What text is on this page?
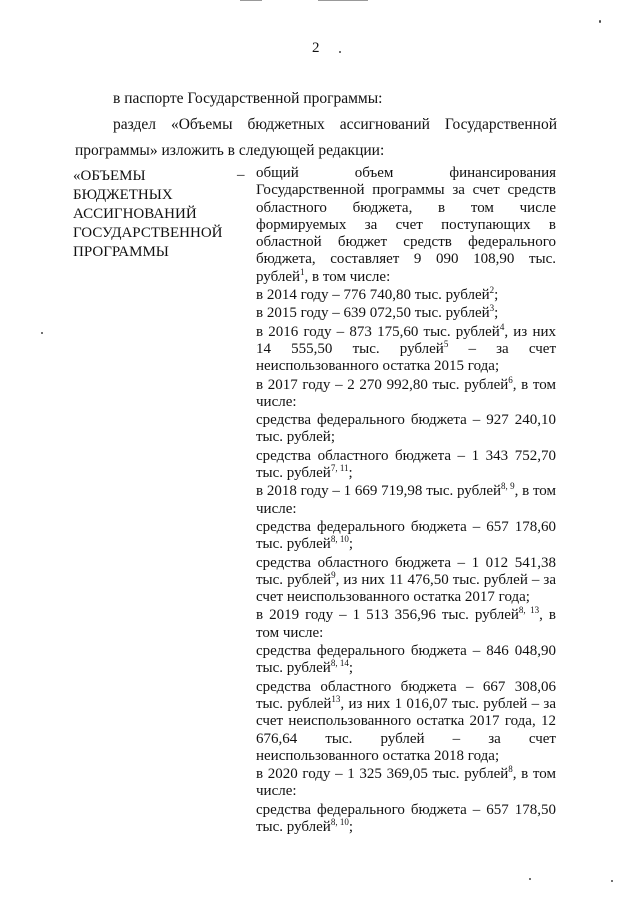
2
в паспорте Государственной программы:
раздел «Объемы бюджетных ассигнований Государственной
программы» изложить в следующей редакции:
«ОБЪЕМЫ БЮДЖЕТНЫХ АССИГНОВАНИЙ ГОСУДАРСТВЕННОЙ ПРОГРАММЫ
– общий объем финансирования Государственной программы за счет средств областного бюджета, в том числе формируемых за счет поступающих в областной бюджет средств федерального бюджета, составляет 9 090 108,90 тыс. рублей$^1$, в том числе:

в 2014 году – 776 740,80 тыс. рублей$^2$;

в 2015 году – 639 072,50 тыс. рублей$^3$;

в 2016 году – 873 175,60 тыс. рублей$^4$, из них 14 555,50 тыс. рублей$^5$ – за счет неиспользованного остатка 2015 года;

в 2017 году – 2 270 992,80 тыс. рублей$^6$, в том числе:

средства федерального бюджета – 927 240,10 тыс. рублей;

средства областного бюджета – 1 343 752,70 тыс. рублей$^{7, 11}$;

в 2018 году – 1 669 719,98 тыс. рублей$^{8, 9}$, в том числе:

средства федерального бюджета – 657 178,60 тыс. рублей$^{8, 10}$;

средства областного бюджета – 1 012 541,38 тыс. рублей$^9$, из них 11 476,50 тыс. рублей – за счет неиспользованного остатка 2017 года;

в 2019 году – 1 513 356,96 тыс. рублей$^{8, 13}$, в том числе:

средства федерального бюджета – 846 048,90 тыс. рублей$^{8, 14}$;

средства областного бюджета – 667 308,06 тыс. рублей$^{13}$, из них 1 016,07 тыс. рублей – за счет неиспользованного остатка 2017 года, 12 676,64 тыс. рублей – за счет неиспользованного остатка 2018 года;

в 2020 году – 1 325 369,05 тыс. рублей$^8$, в том числе:

средства федерального бюджета – 657 178,50 тыс. рублей$^{8, 10}$;
